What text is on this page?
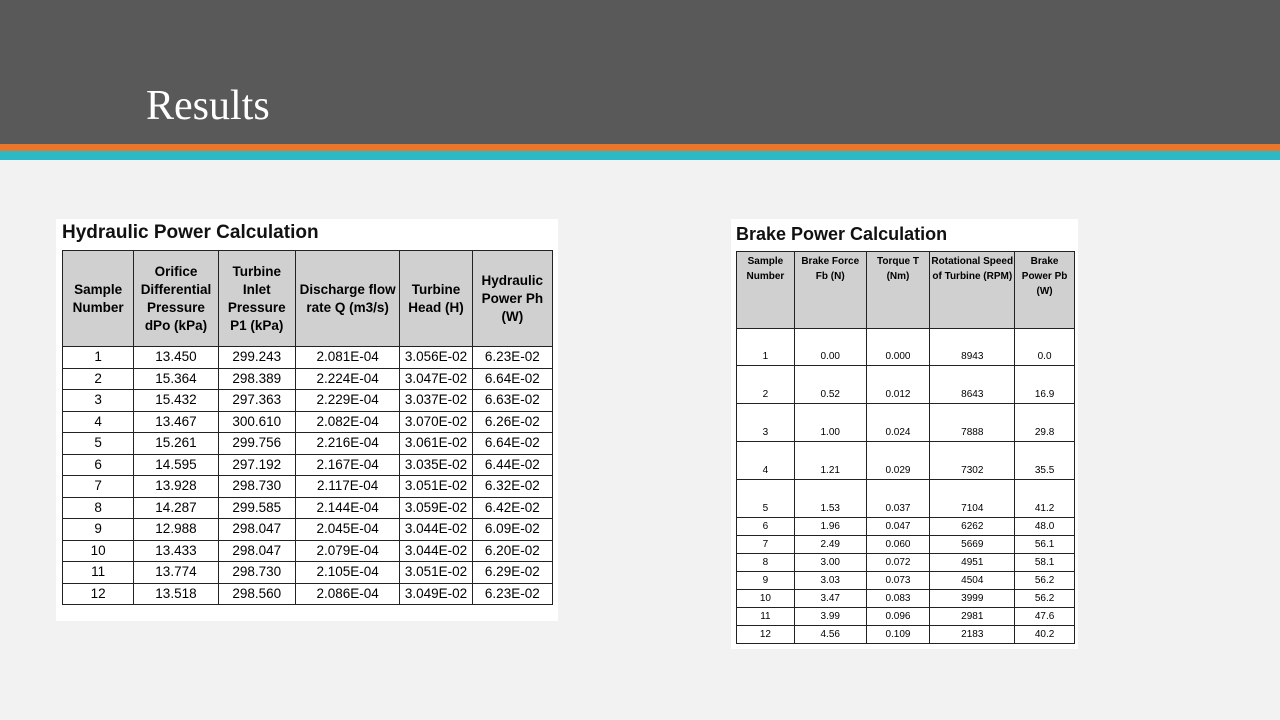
Results
Hydraulic Power Calculation
Sample Number	Orifice Differential Pressure dPo (kPa)	Turbine Inlet Pressure P1 (kPa)	Discharge flow rate Q (m3/s)	Turbine Head (H)	Hydraulic Power Ph (W)
1	13.450	299.243	2.081E-04	3.056E-02	6.23E-02
2	15.364	298.389	2.224E-04	3.047E-02	6.64E-02
3	15.432	297.363	2.229E-04	3.037E-02	6.63E-02
4	13.467	300.610	2.082E-04	3.070E-02	6.26E-02
5	15.261	299.756	2.216E-04	3.061E-02	6.64E-02
6	14.595	297.192	2.167E-04	3.035E-02	6.44E-02
7	13.928	298.730	2.117E-04	3.051E-02	6.32E-02
8	14.287	299.585	2.144E-04	3.059E-02	6.42E-02
9	12.988	298.047	2.045E-04	3.044E-02	6.09E-02
10	13.433	298.047	2.079E-04	3.044E-02	6.20E-02
11	13.774	298.730	2.105E-04	3.051E-02	6.29E-02
12	13.518	298.560	2.086E-04	3.049E-02	6.23E-02
Brake Power Calculation
Sample Number	Brake Force Fb (N)	Torque T (Nm)	Rotational Speed of Turbine (RPM)	Brake Power Pb (W)
1	0.00	0.000	8943	0.0
2	0.52	0.012	8643	16.9
3	1.00	0.024	7888	29.8
4	1.21	0.029	7302	35.5
5	1.53	0.037	7104	41.2
6	1.96	0.047	6262	48.0
7	2.49	0.060	5669	56.1
8	3.00	0.072	4951	58.1
9	3.03	0.073	4504	56.2
10	3.47	0.083	3999	56.2
11	3.99	0.096	2981	47.6
12	4.56	0.109	2183	40.2
